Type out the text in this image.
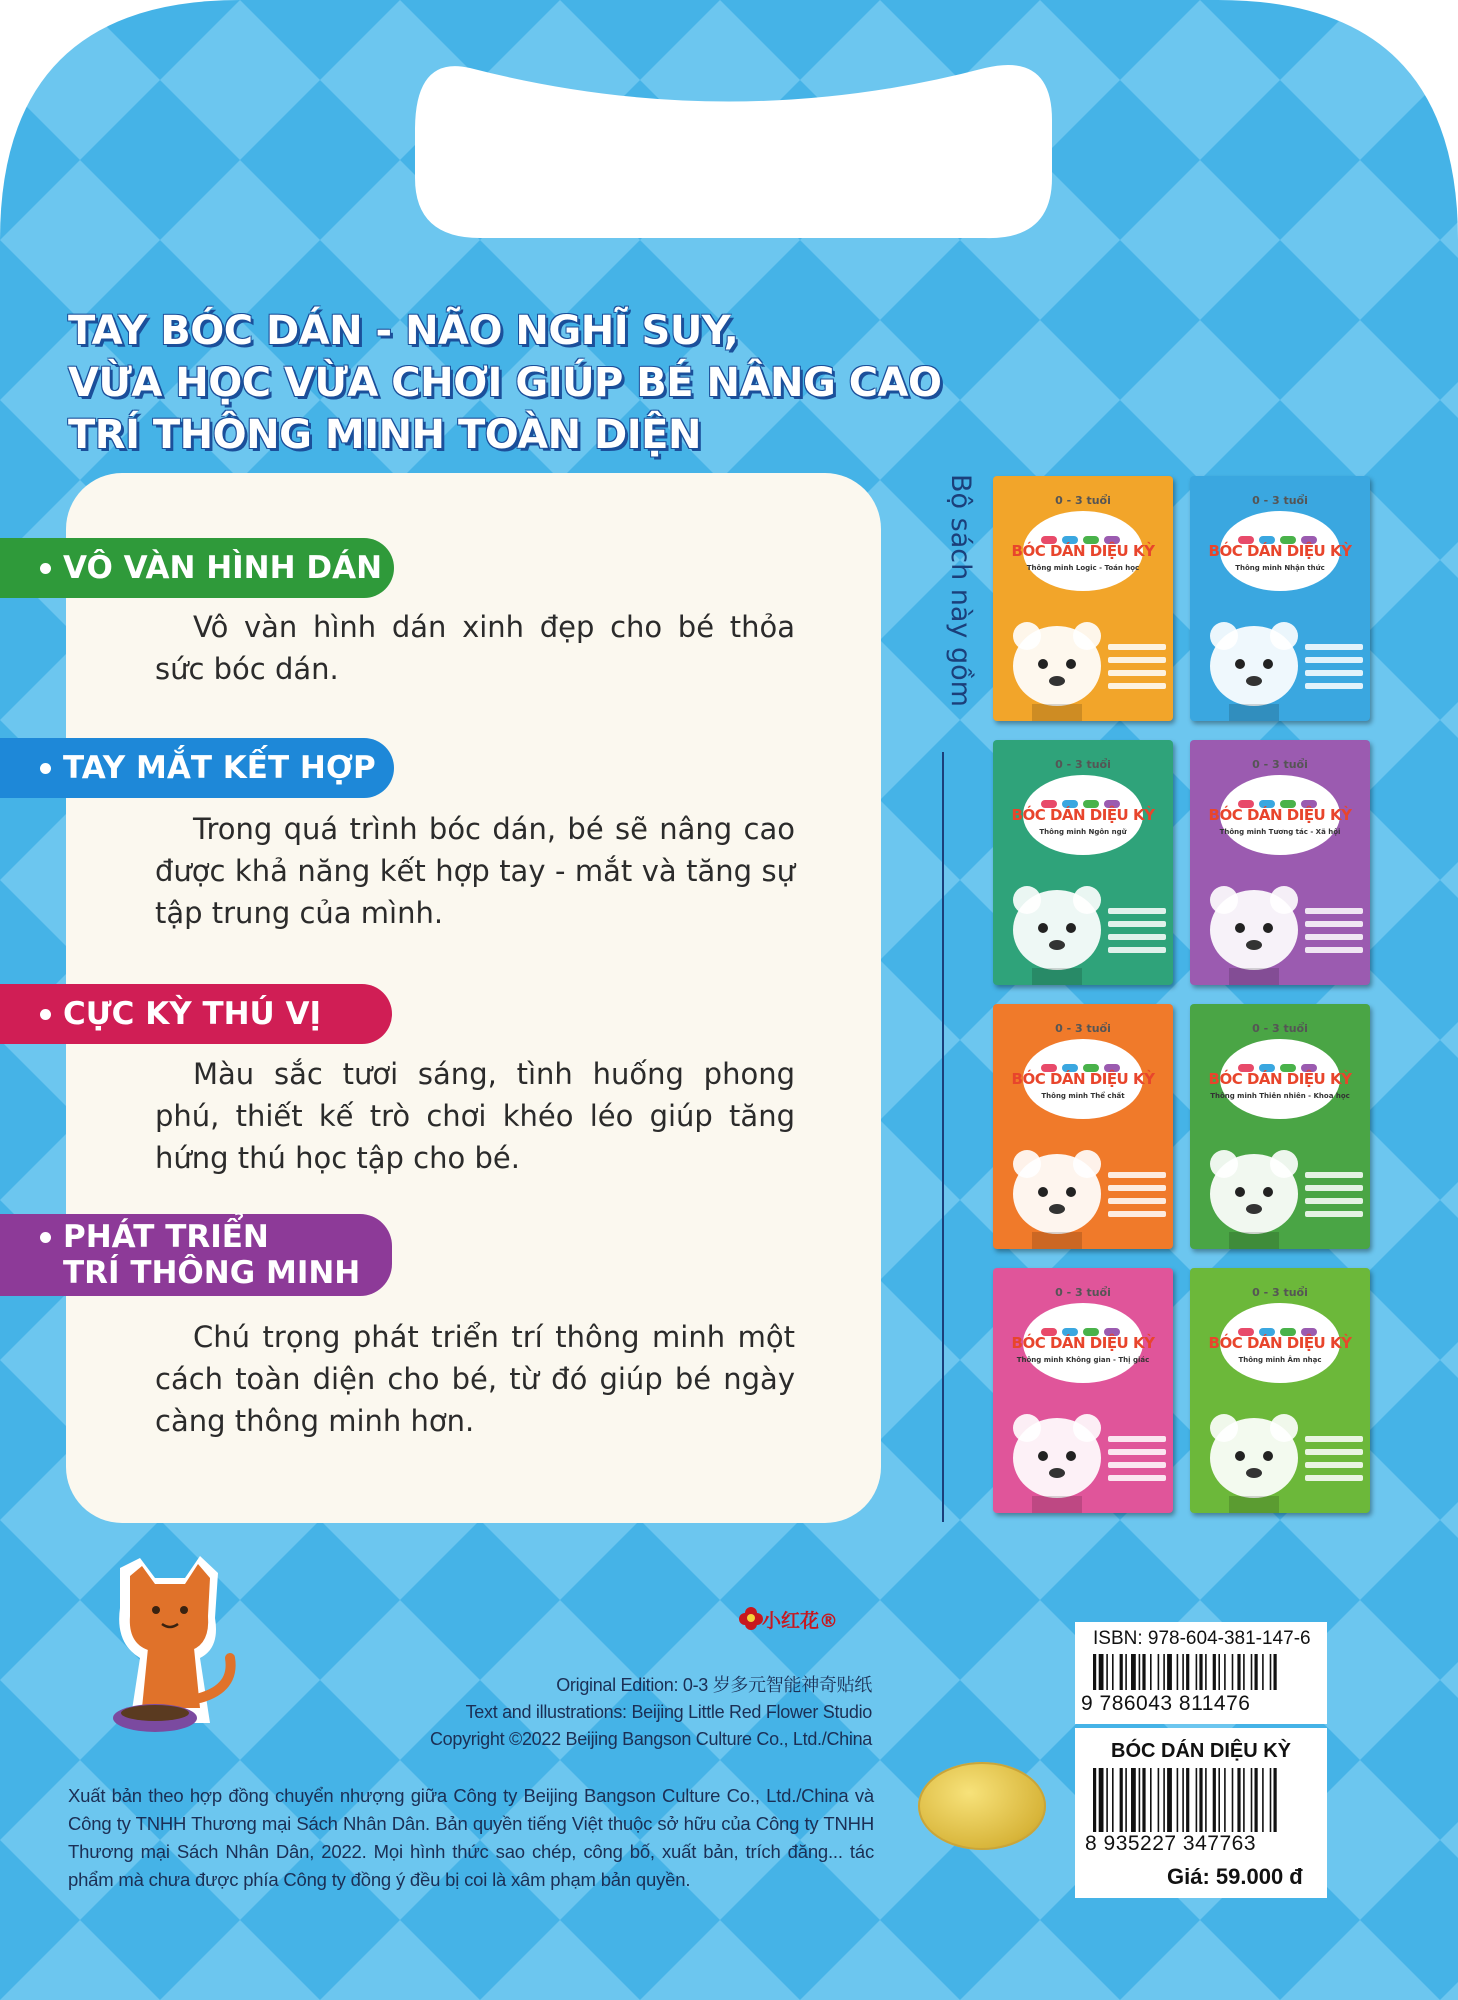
TAY BÓC DÁN - NÃO NGHĨ SUY,
VỪA HỌC VỪA CHƠI GIÚP BÉ NÂNG CAO
TRÍ THÔNG MINH TOÀN DIỆN
VÔ VÀN HÌNH DÁN
Vô vàn hình dán xinh đẹp cho bé thỏa sức bóc dán.
TAY MẮT KẾT HỢP
Trong quá trình bóc dán, bé sẽ nâng cao được khả năng kết hợp tay - mắt và tăng sự tập trung của mình.
CỰC KỲ THÚ VỊ
Màu sắc tươi sáng, tình huống phong phú, thiết kế trò chơi khéo léo giúp tăng hứng thú học tập cho bé.
PHÁT TRIỂN
TRÍ THÔNG MINH
Chú trọng phát triển trí thông minh một cách toàn diện cho bé, từ đó giúp bé ngày càng thông minh hơn.
Bộ sách này gồm	0 - 3 tuổi
BÓC DÁN DIỆU KỲ
Thông minh Logic - Toán học
0 - 3 tuổi
BÓC DÁN DIỆU KỲ
Thông minh Nhận thức
0 - 3 tuổi
BÓC DÁN DIỆU KỲ
Thông minh Ngôn ngữ
0 - 3 tuổi
BÓC DÁN DIỆU KỲ
Thông minh Tương tác - Xã hội
0 - 3 tuổi
BÓC DÁN DIỆU KỲ
Thông minh Thể chất
0 - 3 tuổi
BÓC DÁN DIỆU KỲ
Thông minh Thiên nhiên - Khoa học
0 - 3 tuổi
BÓC DÁN DIỆU KỲ
Thông minh Không gian - Thị giác
0 - 3 tuổi
BÓC DÁN DIỆU KỲ
Thông minh Âm nhạc
小红花®
Original Edition: 0-3 岁多元智能神奇贴纸
Text and illustrations: Beijing Little Red Flower Studio
Copyright ©2022 Beijing Bangson Culture Co., Ltd./China
Xuất bản theo hợp đồng chuyển nhượng giữa Công ty Beijing Bangson Culture Co., Ltd./China và Công ty TNHH Thương mại Sách Nhân Dân. Bản quyền tiếng Việt thuộc sở hữu của Công ty TNHH Thương mại Sách Nhân Dân, 2022. Mọi hình thức sao chép, công bố, xuất bản, trích đăng... tác phẩm mà chưa được phía Công ty đồng ý đều bị coi là xâm phạm bản quyền.
ISBN: 978-604-381-147-6
9 786043 811476
BÓC DÁN DIỆU KỲ
8 935227 347763
Giá: 59.000 đ
